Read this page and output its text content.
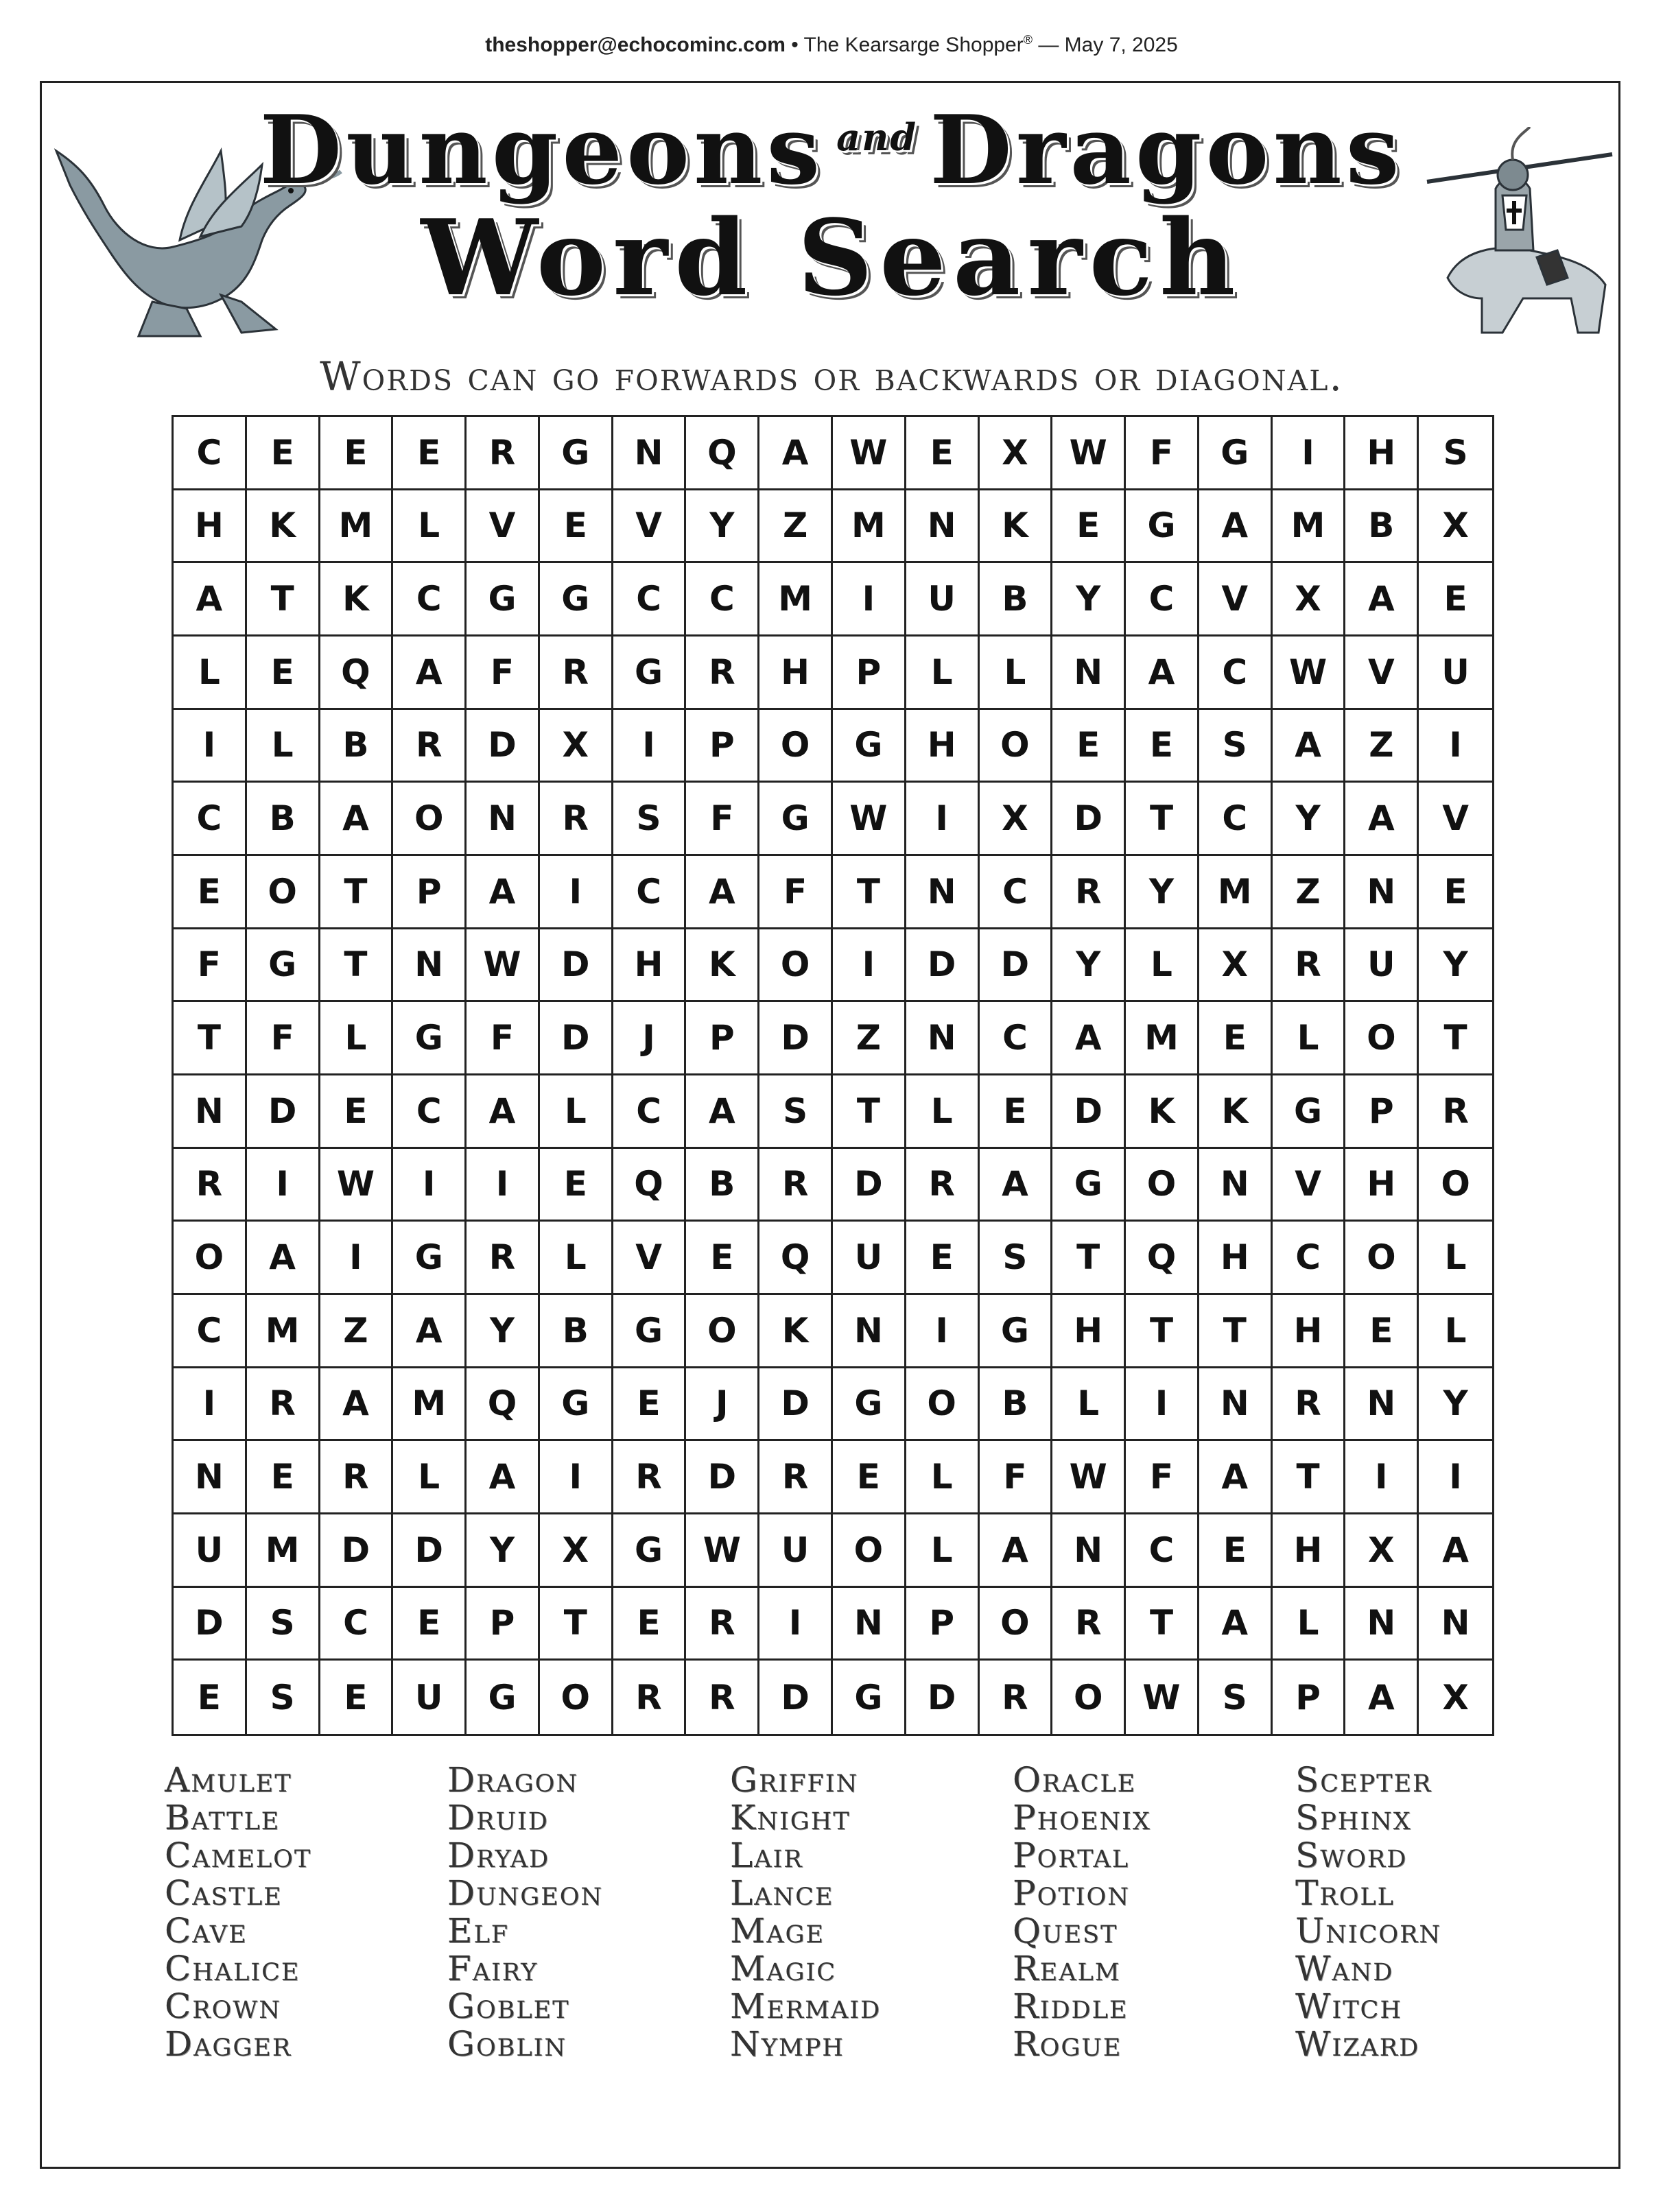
theshopper@echocominc.com • The Kearsarge Shopper® — May 7, 2025
Dungeons $^{and}$ Dragons
Word Search
Words can go forwards or backwards or diagonal.
C	E	E	E	R	G	N	Q	A	W	E	X	W	F	G	I	H	S
H	K	M	L	V	E	V	Y	Z	M	N	K	E	G	A	M	B	X
A	T	K	C	G	G	C	C	M	I	U	B	Y	C	V	X	A	E
L	E	Q	A	F	R	G	R	H	P	L	L	N	A	C	W	V	U
I	L	B	R	D	X	I	P	O	G	H	O	E	E	S	A	Z	I
C	B	A	O	N	R	S	F	G	W	I	X	D	T	C	Y	A	V
E	O	T	P	A	I	C	A	F	T	N	C	R	Y	M	Z	N	E
F	G	T	N	W	D	H	K	O	I	D	D	Y	L	X	R	U	Y
T	F	L	G	F	D	J	P	D	Z	N	C	A	M	E	L	O	T
N	D	E	C	A	L	C	A	S	T	L	E	D	K	K	G	P	R
R	I	W	I	I	E	Q	B	R	D	R	A	G	O	N	V	H	O
O	A	I	G	R	L	V	E	Q	U	E	S	T	Q	H	C	O	L
C	M	Z	A	Y	B	G	O	K	N	I	G	H	T	T	H	E	L
I	R	A	M	Q	G	E	J	D	G	O	B	L	I	N	R	N	Y
N	E	R	L	A	I	R	D	R	E	L	F	W	F	A	T	I	I
U	M	D	D	Y	X	G	W	U	O	L	A	N	C	E	H	X	A
D	S	C	E	P	T	E	R	I	N	P	O	R	T	A	L	N	N
E	S	E	U	G	O	R	R	D	G	D	R	O	W	S	P	A	X
Amulet
Battle
Camelot
Castle
Cave
Chalice
Crown
Dagger
Dragon
Druid
Dryad
Dungeon
Elf
Fairy
Goblet
Goblin
Griffin
Knight
Lair
Lance
Mage
Magic
Mermaid
Nymph
Oracle
Phoenix
Portal
Potion
Quest
Realm
Riddle
Rogue
Scepter
Sphinx
Sword
Troll
Unicorn
Wand
Witch
Wizard
